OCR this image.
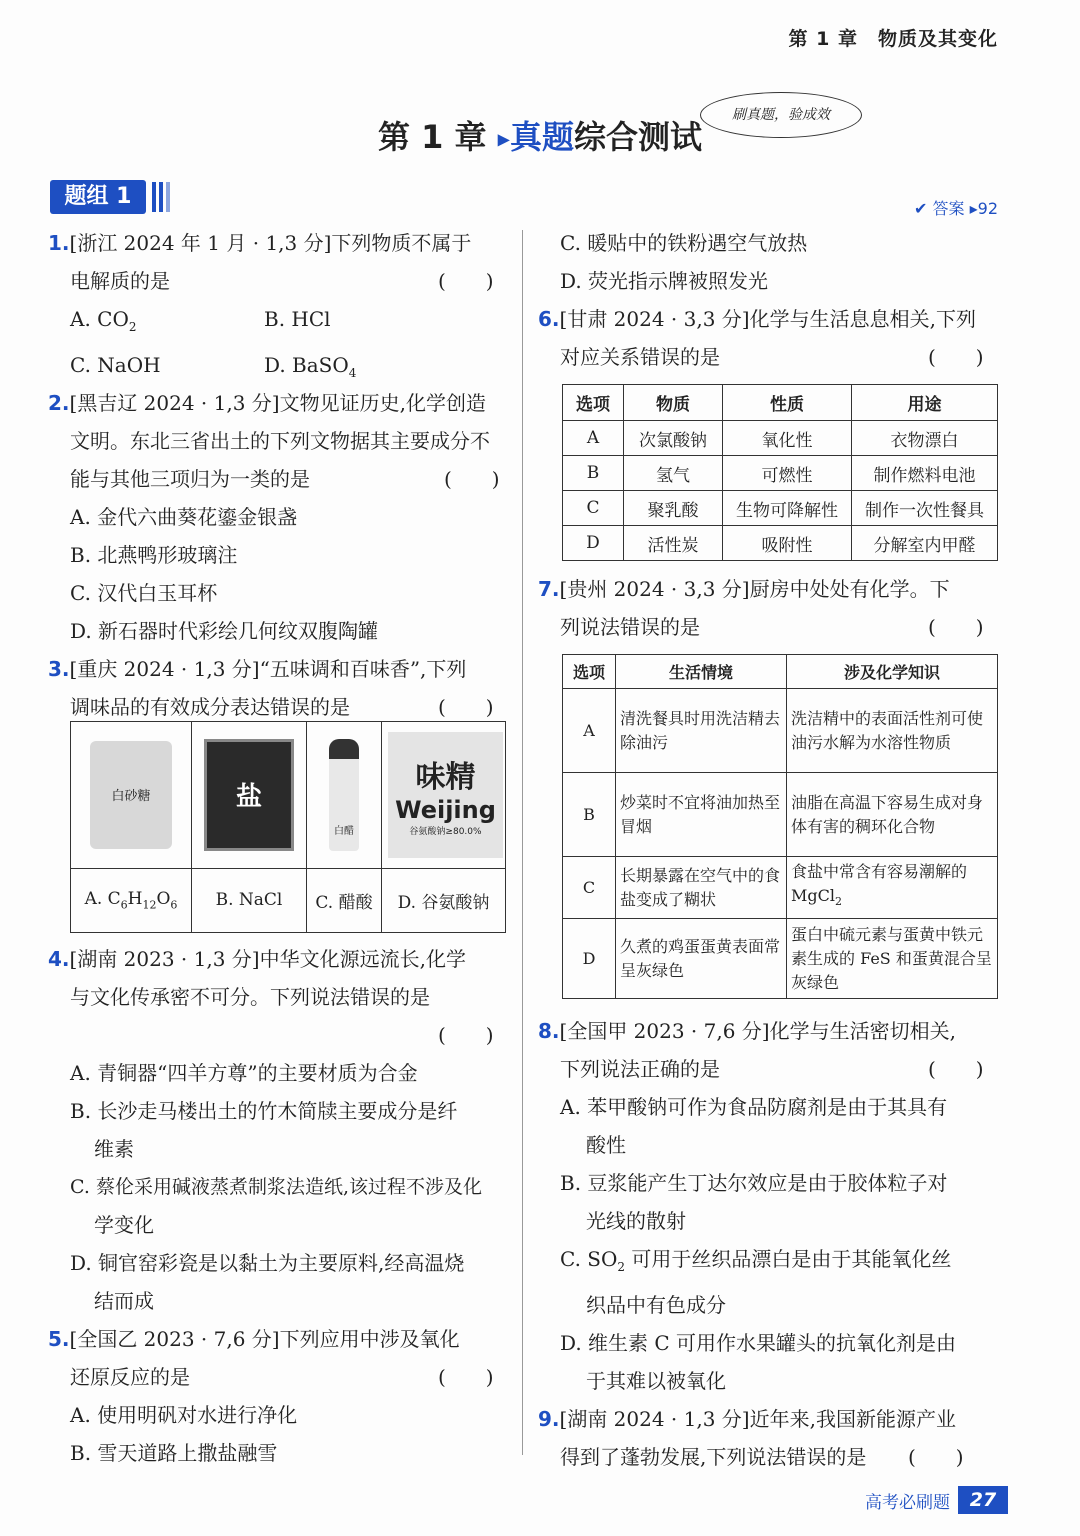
第 1 章　物质及其变化
第 1 章 ▶真题综合测试
刷真题，验成效
题组 1	✔ 答案 ▸92
1.[浙江 2024 年 1 月 · 1,3 分]下列物质不属于
电解质的是	(　　)
A. $CO_2$	B. HCl
C. NaOH	D. BaSO$_4$
2.[黑吉辽 2024 · 1,3 分]文物见证历史,化学创造
文明。东北三省出土的下列文物据其主要成分不
能与其他三项归为一类的是	(　　)
A. 金代六曲葵花鎏金银盏
B. 北燕鸭形玻璃注
C. 汉代白玉耳杯
D. 新石器时代彩绘几何纹双腹陶罐
3.[重庆 2024 · 1,3 分]“五味调和百味香”,下列
调味品的有效成分表达错误的是	(　　)
白砂糖	盐	白醋	味精
Weijing
谷氨酸钠≥80.0%

A. $C_6H_{12}O_6$	B. NaCl	C. 醋酸	D. 谷氨酸钠
4.[湖南 2023 · 1,3 分]中华文化源远流长,化学
与文化传承密不可分。下列说法错误的是
(　　)

A. 青铜器“四羊方尊”的主要材质为合金
B. 长沙走马楼出土的竹木简牍主要成分是纤
维素
C. 蔡伦采用碱液蒸煮制浆法造纸,该过程不涉及化
学变化
D. 铜官窑彩瓷是以黏土为主要原料,经高温烧
结而成
5.[全国乙 2023 · 7,6 分]下列应用中涉及氧化
还原反应的是	(　　)
A. 使用明矾对水进行净化
B. 雪天道路上撒盐融雪
C. 暖贴中的铁粉遇空气放热
D. 荧光指示牌被照发光
6.[甘肃 2024 · 3,3 分]化学与生活息息相关,下列
对应关系错误的是	(　　)
选项	物质	性质	用途
A	次氯酸钠	氧化性	衣物漂白
B	氢气	可燃性	制作燃料电池
C	聚乳酸	生物可降解性	制作一次性餐具
D	活性炭	吸附性	分解室内甲醛
7.[贵州 2024 · 3,3 分]厨房中处处有化学。下
列说法错误的是	(　　)
选项	生活情境	涉及化学知识
A	清洗餐具时用洗洁精去除油污	洗洁精中的表面活性剂可使油污水解为水溶性物质
B	炒菜时不宜将油加热至冒烟	油脂在高温下容易生成对身体有害的稠环化合物
C	长期暴露在空气中的食盐变成了糊状	食盐中常含有容易潮解的 MgCl$_2$
D	久煮的鸡蛋蛋黄表面常呈灰绿色	蛋白中硫元素与蛋黄中铁元素生成的 FeS 和蛋黄混合呈灰绿色
8.[全国甲 2023 · 7,6 分]化学与生活密切相关,
下列说法正确的是	(　　)
A. 苯甲酸钠可作为食品防腐剂是由于其具有
酸性
B. 豆浆能产生丁达尔效应是由于胶体粒子对
光线的散射
C. $SO_2$ 可用于丝织品漂白是由于其能氧化丝
织品中有色成分
D. 维生素 C 可用作水果罐头的抗氧化剂是由
于其难以被氧化
9.[湖南 2024 · 1,3 分]近年来,我国新能源产业
得到了蓬勃发展,下列说法错误的是 (　　)
高考必刷题	27
